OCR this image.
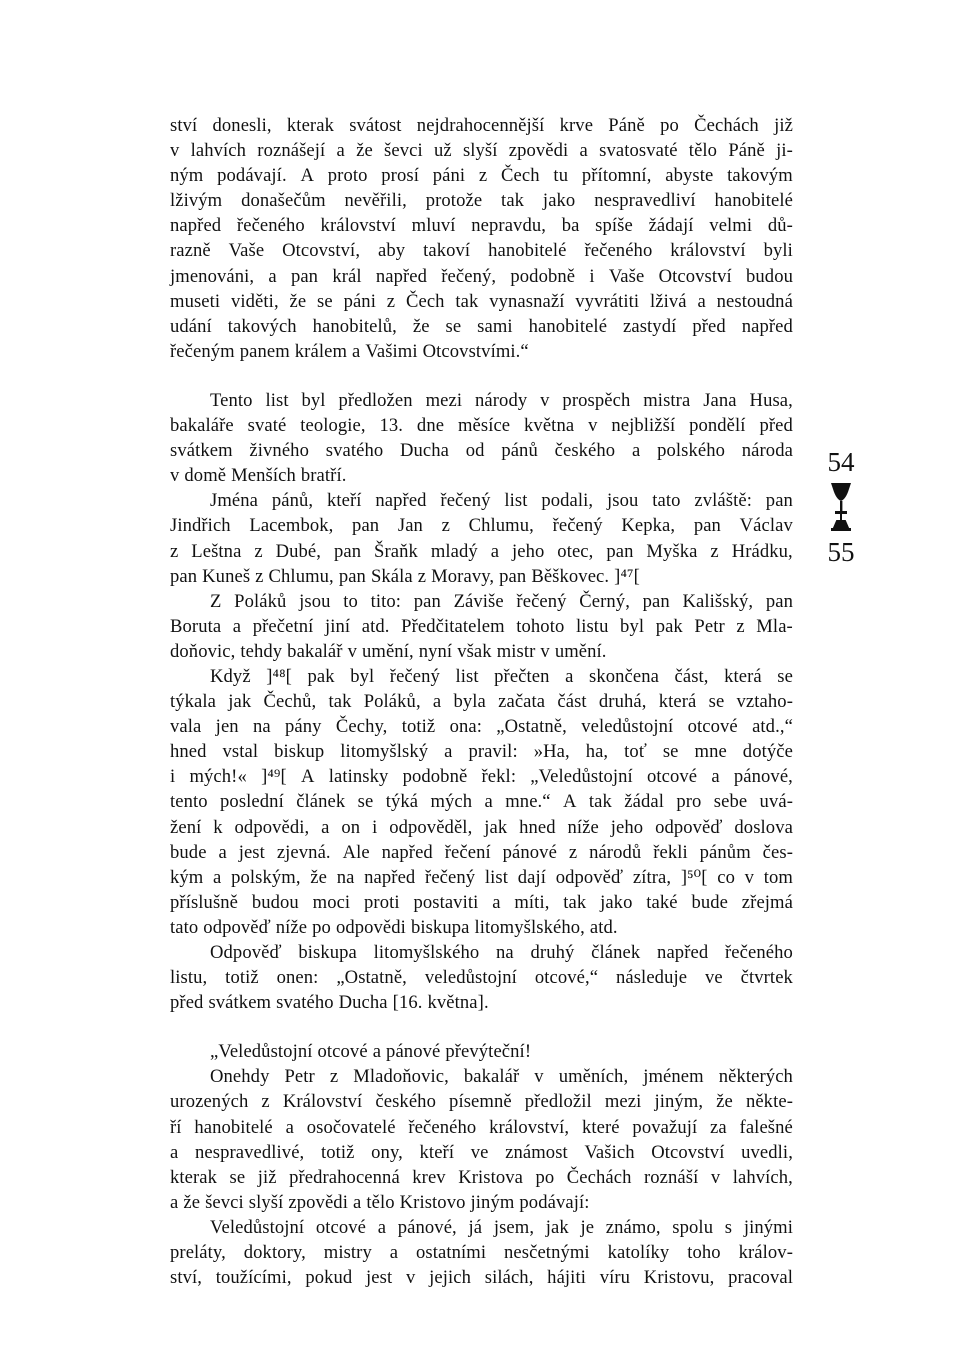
ství donesli, kterak svátost nejdrahocennější krve Páně po Čechách již
v lahvích roznášejí a že ševci už slyší zpovědi a svatosvaté tělo Páně ji-
ným podávají. A proto prosí páni z Čech tu přítomní, abyste takovým
lživým donašečům nevěřili, protože tak jako nespravedliví hanobitelé
napřed řečeného království mluví nepravdu, ba spíše žádají velmi dů-
razně Vaše Otcovství, aby takoví hanobitelé řečeného království byli
jmenováni, a pan král napřed řečený, podobně i Vaše Otcovství budou
museti viděti, že se páni z Čech tak vynasnaží vyvrátiti lživá a nestoudná
udání takových hanobitelů, že se sami hanobitelé zastydí před napřed
řečeným panem králem a Vašimi Otcovstvími.“
Tento list byl předložen mezi národy v prospěch mistra Jana Husa,
bakaláře svaté teologie, 13. dne měsíce května v nejbližší pondělí před
svátkem živného svatého Ducha od pánů českého a polského národa
v domě Menších bratří.
Jména pánů, kteří napřed řečený list podali, jsou tato zvláště: pan
Jindřich Lacembok, pan Jan z Chlumu, řečený Kepka, pan Václav
z Leštna z Dubé, pan Šraňk mladý a jeho otec, pan Myška z Hrádku,
pan Kuneš z Chlumu, pan Skála z Moravy, pan Běškovec. ]⁴⁷[
Z Poláků jsou to tito: pan Záviše řečený Černý, pan Kališský, pan
Boruta a přečetní jiní atd. Předčitatelem tohoto listu byl pak Petr z Mla-
doňovic, tehdy bakalář v umění, nyní však mistr v umění.
Když ]⁴⁸[ pak byl řečený list přečten a skončena část, která se
týkala jak Čechů, tak Poláků, a byla začata část druhá, která se vztaho-
vala jen na pány Čechy, totiž ona: „Ostatně, veledůstojní otcové atd.,“
hned vstal biskup litomyšlský a pravil: »Ha, ha, toť se mne dotýče
i mých!« ]⁴⁹[ A latinsky podobně řekl: „Veledůstojní otcové a pánové,
tento poslední článek se týká mých a mne.“ A tak žádal pro sebe uvá-
žení k odpovědi, a on i odpověděl, jak hned níže jeho odpověď doslova
bude a jest zjevná. Ale napřed řečení pánové z národů řekli pánům čes-
kým a polským, že na napřed řečený list dají odpověď zítra, ]⁵⁰[ co v tom
příslušně budou moci proti postaviti a míti, tak jako také bude zřejmá
tato odpověď níže po odpovědi biskupa litomyšlského, atd.
Odpověď biskupa litomyšlského na druhý článek napřed řečeného
listu, totiž onen: „Ostatně, veledůstojní otcové,“ následuje ve čtvrtek
před svátkem svatého Ducha [16. května].
„Veledůstojní otcové a pánové převýteční!
Onehdy Petr z Mladoňovic, bakalář v uměních, jménem některých
urozených z Království českého písemně předložil mezi jiným, že někte-
ří hanobitelé a osočovatelé řečeného království, které považují za falešné
a nespravedlivé, totiž ony, kteří ve známost Vašich Otcovství uvedli,
kterak se již předrahocenná krev Kristova po Čechách roznáší v lahvích,
a že ševci slyší zpovědi a tělo Kristovo jiným podávají:
Veledůstojní otcové a pánové, já jsem, jak je známo, spolu s jinými
preláty, doktory, mistry a ostatními nesčetnými katolíky toho králov-
ství, toužícími, pokud jest v jejich silách, hájiti víru Kristovu, pracoval
54
55
